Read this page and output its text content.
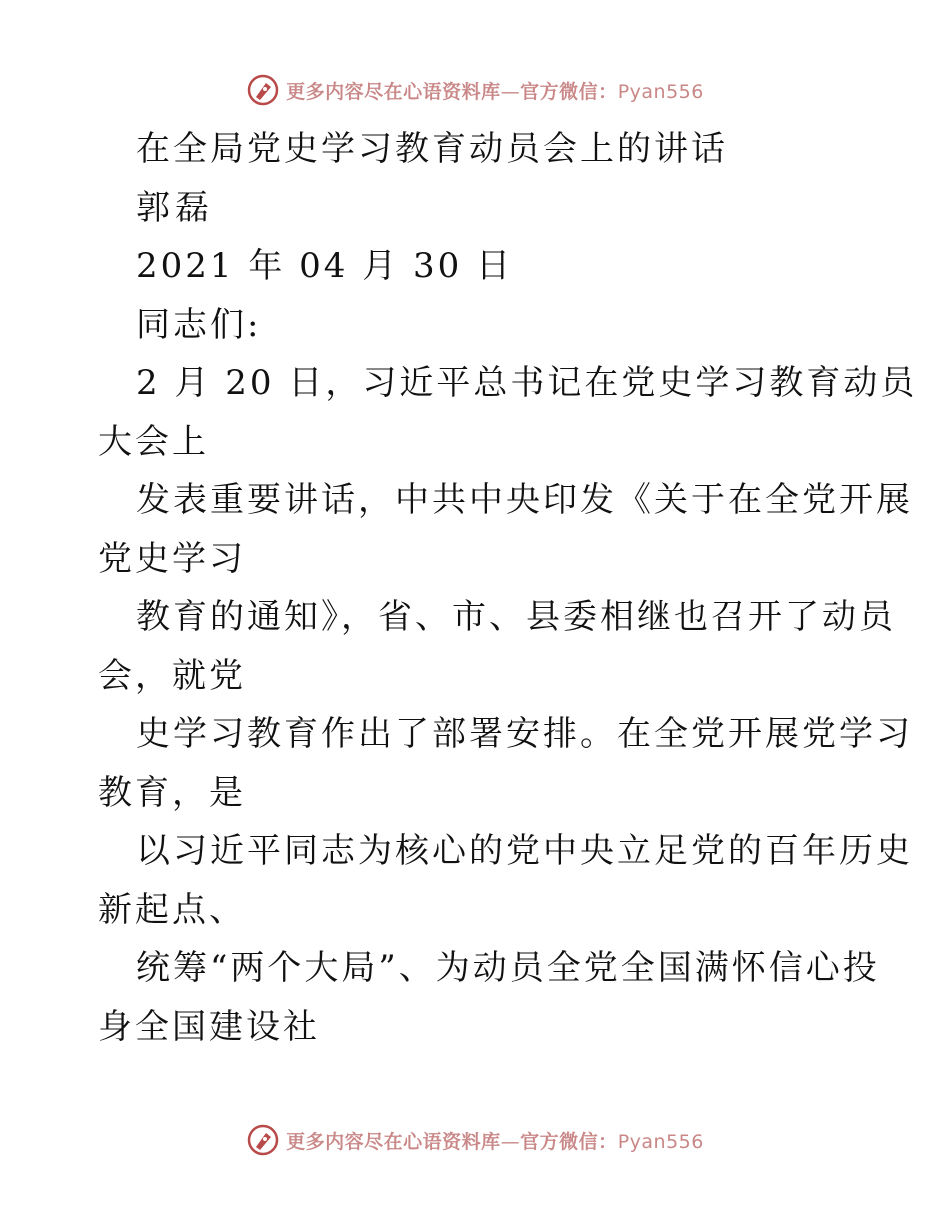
更多内容尽在心语资料库—官方微信：Pyan556
在全局党史学习教育动员会上的讲话
郭磊
2021 年 04 月 30 日
同志们:
2 月 20 日，习近平总书记在党史学习教育动员
大会上
发表重要讲话，中共中央印发《关于在全党开展
党史学习
教育的通知》，省、市、县委相继也召开了动员
会，就党
史学习教育作出了部署安排。在全党开展党学习
教育，是
以习近平同志为核心的党中央立足党的百年历史
新起点、
统筹“两个大局”、为动员全党全国满怀信心投
身全国建设社
更多内容尽在心语资料库—官方微信：Pyan556
